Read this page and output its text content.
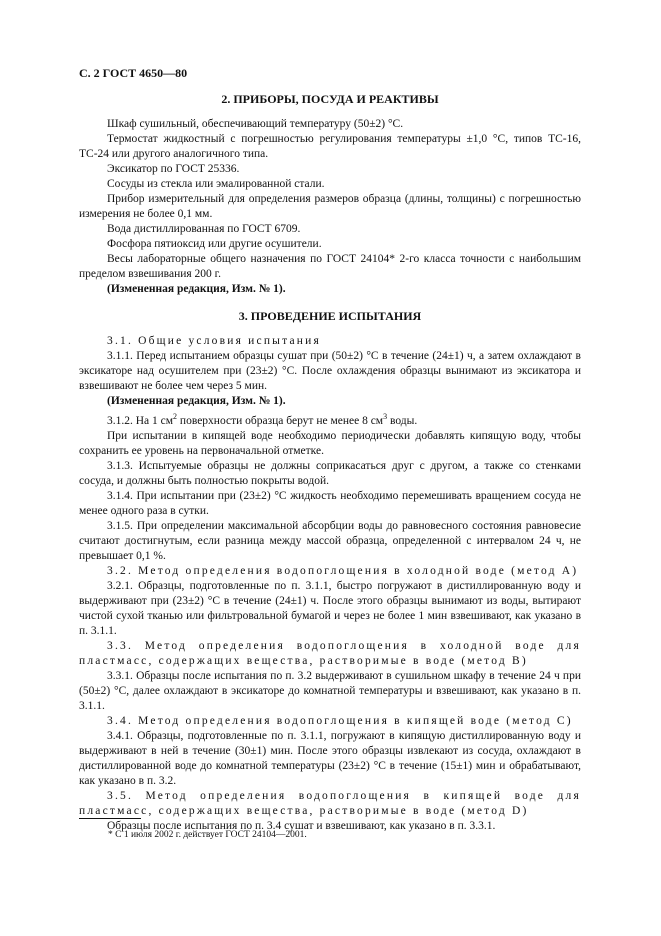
С. 2 ГОСТ 4650—80
2. ПРИБОРЫ, ПОСУДА И РЕАКТИВЫ

Шкаф сушильный, обеспечивающий температуру (50±2) °С.

Термостат жидкостный с погрешностью регулирования температуры ±1,0 °С, типов ТС-16, ТС-24 или другого аналогичного типа.

Эксикатор по ГОСТ 25336.

Сосуды из стекла или эмалированной стали.

Прибор измерительный для определения размеров образца (длины, толщины) с погрешностью измерения не более 0,1 мм.

Вода дистиллированная по ГОСТ 6709.

Фосфора пятиоксид или другие осушители.

Весы лабораторные общего назначения по ГОСТ 24104* 2-го класса точности с наибольшим пределом взвешивания 200 г.

(Измененная редакция, Изм. № 1).

3. ПРОВЕДЕНИЕ ИСПЫТАНИЯ

3.1. Общие условия испытания

3.1.1. Перед испытанием образцы сушат при (50±2) °С в течение (24±1) ч, а затем охлаждают в эксикаторе над осушителем при (23±2) °С. После охлаждения образцы вынимают из эксикатора и взвешивают не более чем через 5 мин.

(Измененная редакция, Изм. № 1).

3.1.2. На 1 $см^2$ поверхности образца берут не менее 8 $см^3$ воды.

При испытании в кипящей воде необходимо периодически добавлять кипящую воду, чтобы сохранить ее уровень на первоначальной отметке.

3.1.3. Испытуемые образцы не должны соприкасаться друг с другом, а также со стенками сосуда, и должны быть полностью покрыты водой.

3.1.4. При испытании при (23±2) °С жидкость необходимо перемешивать вращением сосуда не менее одного раза в сутки.

3.1.5. При определении максимальной абсорбции воды до равновесного состояния равновесие считают достигнутым, если разница между массой образца, определенной с интервалом 24 ч, не превышает 0,1 %.

3.2. Метод определения водопоглощения в холодной воде (метод А)

3.2.1. Образцы, подготовленные по п. 3.1.1, быстро погружают в дистиллированную воду и выдерживают при (23±2) °С в течение (24±1) ч. После этого образцы вынимают из воды, вытирают чистой сухой тканью или фильтровальной бумагой и через не более 1 мин взвешивают, как указано в п. 3.1.1.

3.3. Метод определения водопоглощения в холодной воде для пластмасс, содержащих вещества, растворимые в воде (метод В)

3.3.1. Образцы после испытания по п. 3.2 выдерживают в сушильном шкафу в течение 24 ч при (50±2) °С, далее охлаждают в эксикаторе до комнатной температуры и взвешивают, как указано в п. 3.1.1.

3.4. Метод определения водопоглощения в кипящей воде (метод С)

3.4.1. Образцы, подготовленные по п. 3.1.1, погружают в кипящую дистиллированную воду и выдерживают в ней в течение (30±1) мин. После этого образцы извлекают из сосуда, охлаждают в дистиллированной воде до комнатной температуры (23±2) °С в течение (15±1) мин и обрабатывают, как указано в п. 3.2.

3.5. Метод определения водопоглощения в кипящей воде для пластмасс, содержащих вещества, растворимые в воде (метод D)

Образцы после испытания по п. 3.4 сушат и взвешивают, как указано в п. 3.3.1.

* С 1 июля 2002 г. действует ГОСТ 24104—2001.
